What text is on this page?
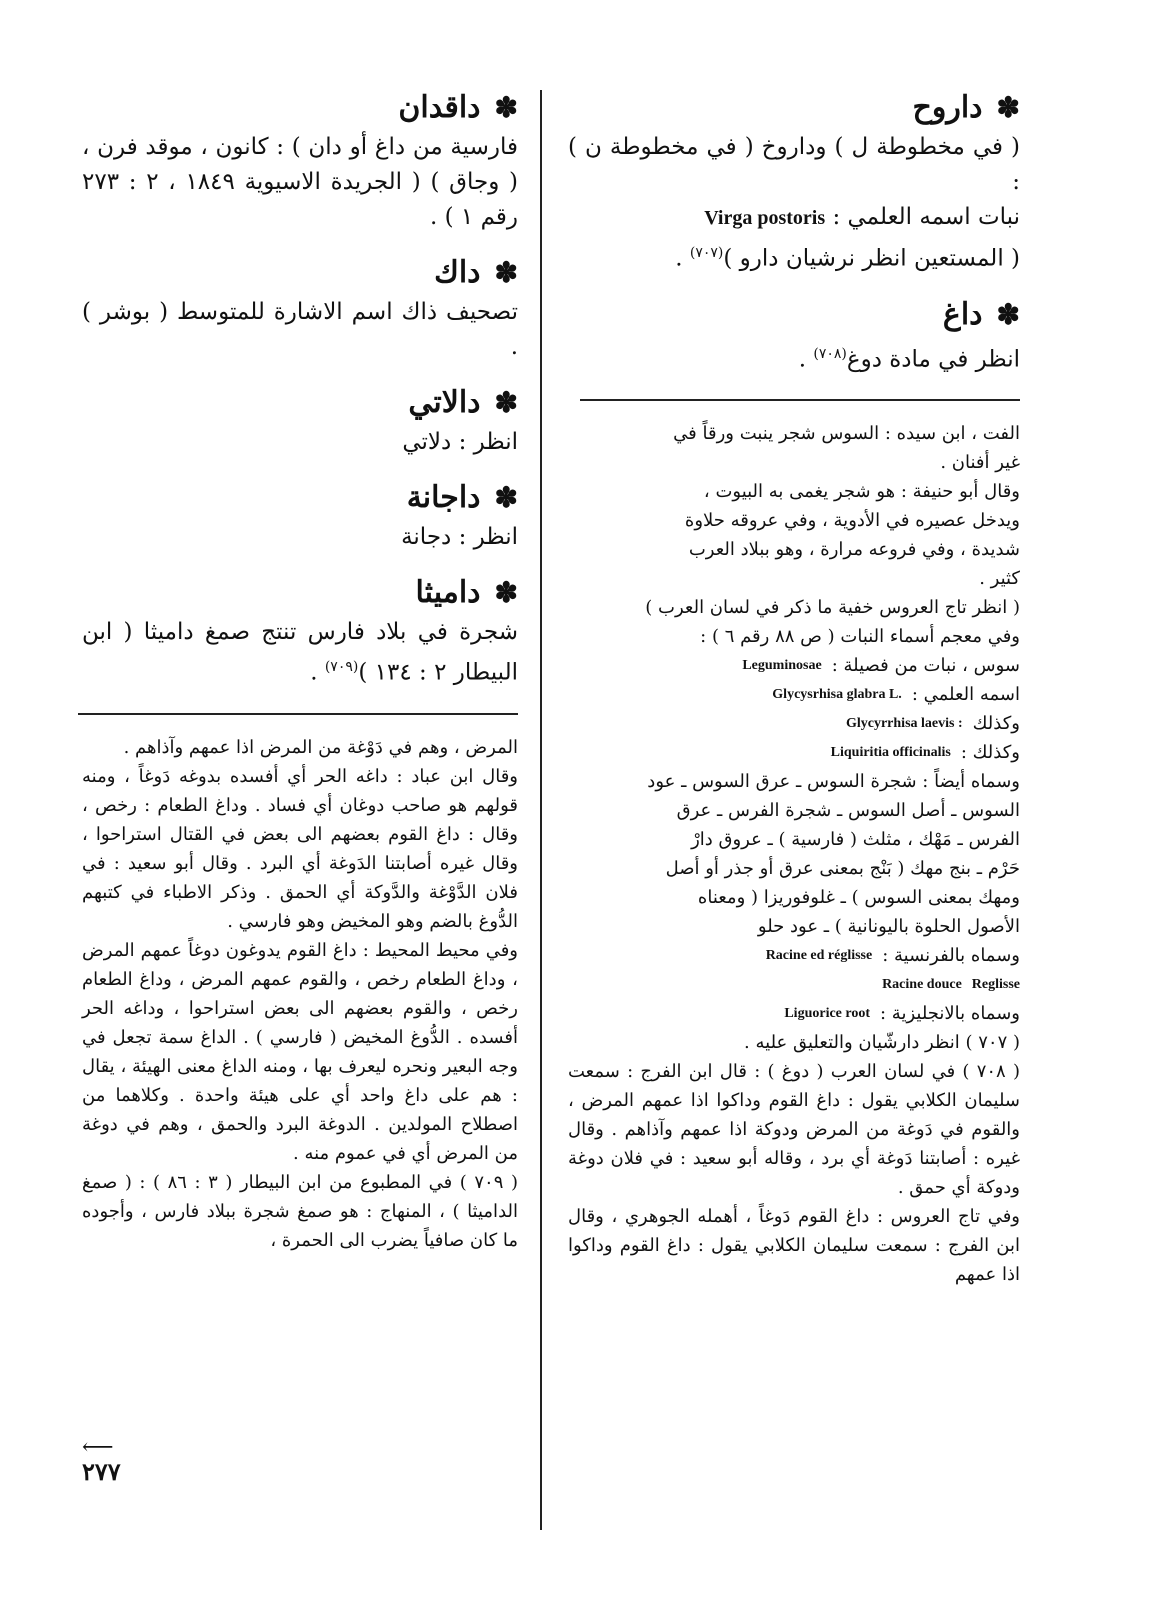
✽
داروح
( في مخطوطة ل ) وداروخ ( في مخطوطة ن ) :
نبات اسمه العلمي : Virga postoris
( المستعين انظر نرشيان دارو )$^{(٧٠٧)}$ .
✽
داغ
انظر في مادة دوغ$^{(٧٠٨)}$ .

الفت ، ابن سيده : السوس شجر ينبت ورقاً في

غير أفنان .

وقال أبو حنيفة : هو شجر يغمى به البيوت ،

ويدخل عصيره في الأدوية ، وفي عروقه حلاوة

شديدة ، وفي فروعه مرارة ، وهو ببلاد العرب

كثير .

( انظر تاج العروس خفية ما ذكر في لسان العرب )

وفي معجم أسماء النبات ( ص ٨٨ رقم ٦ ) :

سوس ، نبات من فصيلة :
Leguminosae

اسمه العلمي :
Glycysrhisa glabra L.

وكذلك
Glycyrrhisa laevis :

وكذلك :
Liquiritia officinalis

وسماه أيضاً : شجرة السوس ـ عرق السوس ـ عود

السوس ـ أصل السوس ـ شجرة الفرس ـ عرق

الفرس ـ مَهْك ، مثلث ( فارسية ) ـ عروق دارْ

حَرْم ـ بنج مهك ( بَنْج بمعنى عرق أو جذر أو أصل

ومهك بمعنى السوس ) ـ غلوفوريزا ( ومعناه

الأصول الحلوة باليونانية ) ـ عود حلو

وسماه بالفرنسية :
Racine ed réglisse

Reglisse
Racine douce

وسماه بالانجليزية :
Liguorice root

( ٧٠٧ ) انظر دارشّيان والتعليق عليه .

( ٧٠٨ ) في لسان العرب ( دوغ ) : قال ابن الفرج : سمعت سليمان الكلابي يقول : داغ القوم وداكوا اذا عمهم المرض ، والقوم في دَوغة من المرض ودوكة اذا عمهم وآذاهم . وقال غيره : أصابتنا دَوغة أي برد ، وقاله أبو سعيد : في فلان دوغة ودوكة أي حمق .

وفي تاج العروس : داغ القوم دَوغاً ، أهمله الجوهري ، وقال ابن الفرج : سمعت سليمان الكلابي يقول : داغ القوم وداكوا اذا عمهم

✽
داقدان
فارسية من داغ أو دان ) : كانون ، موقد فرن ، ( وجاق ) ( الجريدة الاسيوية ١٨٤٩ ، ٢ : ٢٧٣ رقم ١ ) .
✽
داك
تصحيف ذاك اسم الاشارة للمتوسط ( بوشر ) .
✽
دالاتي
انظر : دلاتي
✽
داجانة
انظر : دجانة
✽
داميثا
شجرة في بلاد فارس تنتج صمغ داميثا ( ابن البيطار ٢ : ١٣٤ )$^{(٧٠٩)}$ .

المرض ، وهم في دَوْغة من المرض اذا عمهم وآذاهم .

وقال ابن عباد : داغه الحر أي أفسده بدوغه دَوغاً ، ومنه قولهم هو صاحب دوغان أي فساد . وداغ الطعام : رخص ، وقال : داغ القوم بعضهم الى بعض في القتال استراحوا ، وقال غيره أصابتنا الدَوغة أي البرد . وقال أبو سعيد : في فلان الدَّوْغة والدَّوكة أي الحمق . وذكر الاطباء في كتبهم الدُّوغ بالضم وهو المخيض وهو فارسي .

وفي محيط المحيط : داغ القوم يدوغون دوغاً عمهم المرض ، وداغ الطعام رخص ، والقوم عمهم المرض ، وداغ الطعام رخص ، والقوم بعضهم الى بعض استراحوا ، وداغه الحر أفسده . الدُّوغ المخيض ( فارسي ) . الداغ سمة تجعل في وجه البعير ونحره ليعرف بها ، ومنه الداغ معنى الهيئة ، يقال : هم على داغ واحد أي على هيئة واحدة . وكلاهما من اصطلاح المولدين . الدوغة البرد والحمق ، وهم في دوغة من المرض أي في عموم منه .

( ٧٠٩ ) في المطبوع من ابن البيطار ( ٣ : ٨٦ ) : ( صمغ الداميثا ) ، المنهاج : هو صمغ شجرة ببلاد فارس ، وأجوده ما كان صافياً يضرب الى الحمرة ،

⟵
٢٧٧
